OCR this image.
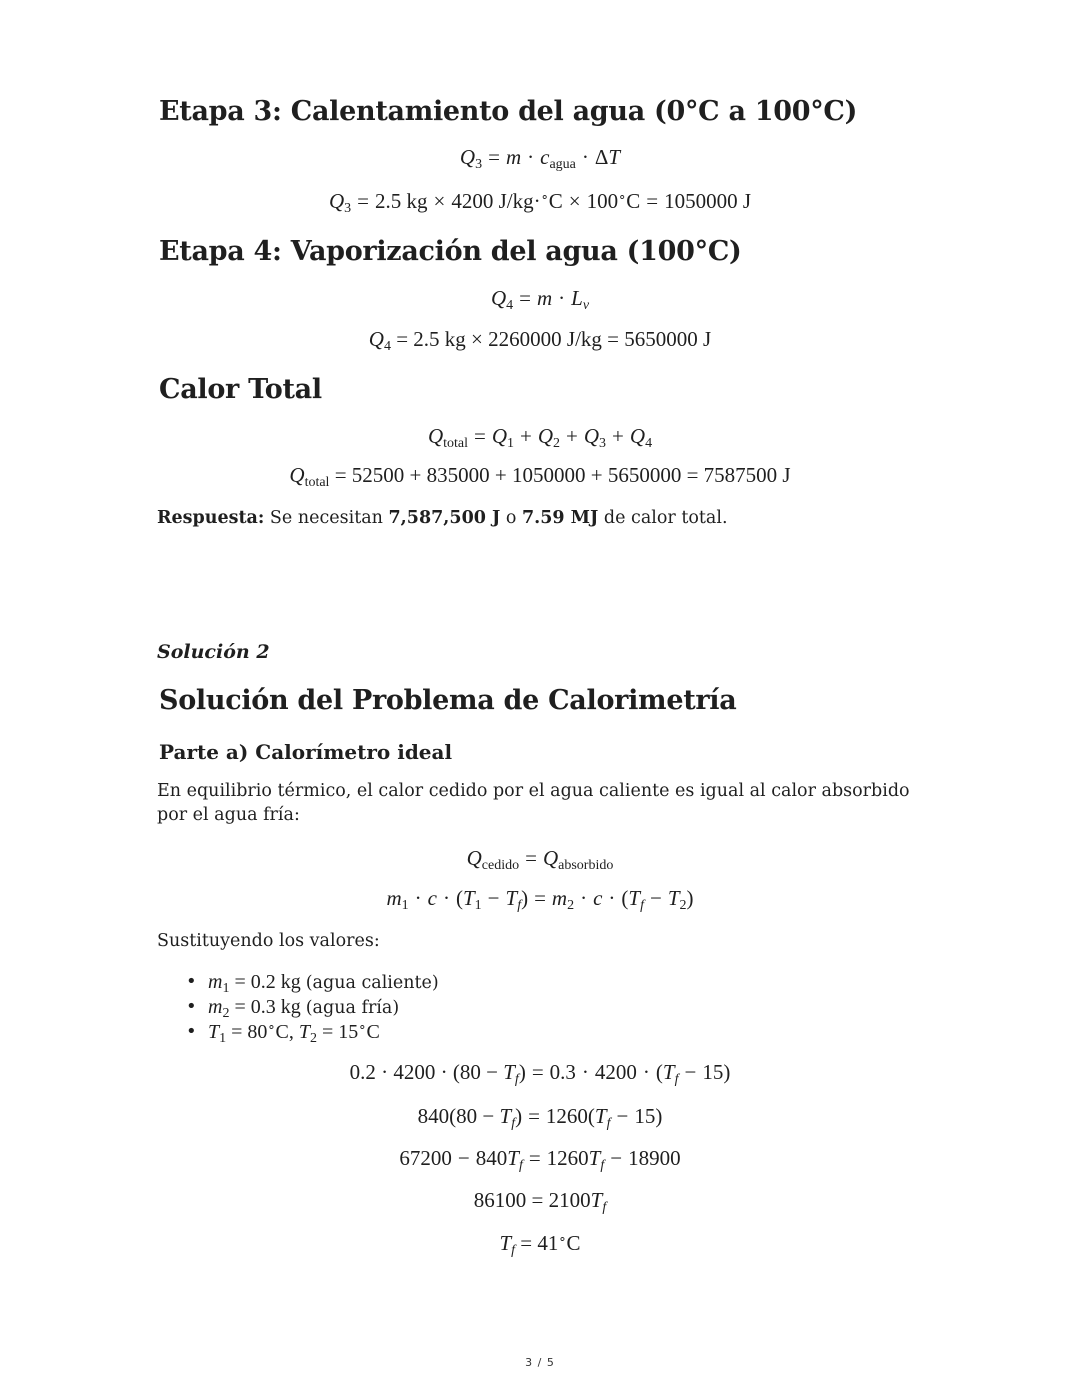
Etapa 3: Calentamiento del agua (0°C a 100°C)
$Q_3 = m \cdot c_{agua} \cdot \Delta T$
$Q_3 = 2.5$ kg × 4200 J/kg·∘C × 100∘C = 1050000 J
Etapa 4: Vaporización del agua (100°C)
$Q_4 = m \cdot L_v$
$Q_4 = 2.5$ kg × 2260000 J/kg = 5650000 J
Calor Total
$Q_{total} = Q_1 + Q_2 + Q_3 + Q_4$
$Q_{total} = 52500 + 835000 + 1050000 + 5650000 = 7587500$ J

Respuesta: Se necesitan 7,587,500 J o 7.59 MJ de calor total.

Solución 2

Solución del Problema de Calorimetría
Parte a) Calorímetro ideal

En equilibrio térmico, el calor cedido por el agua caliente es igual al calor absorbido por el agua fría:

$Q_{cedido} = Q_{absorbido}$
$m_1 \cdot c \cdot (T_1 - T_f) = m_2 \cdot c \cdot (T_f - T_2)$

Sustituyendo los valores:

• $m_1 = 0.2$ kg (agua caliente)
• $m_2 = 0.3$ kg (agua fría)
• $T_1 = 80^\circ C$, $T_2 = 15^\circ C$
$0.2 \cdot 4200 \cdot (80 - T_f) = 0.3 \cdot 4200 \cdot (T_f - 15)$
$840(80 - T_f) = 1260(T_f - 15)$
$67200 - 840T_f = 1260T_f - 18900$
$86100 = 2100T_f$
$T_f = 41^\circ C$
3 / 5
